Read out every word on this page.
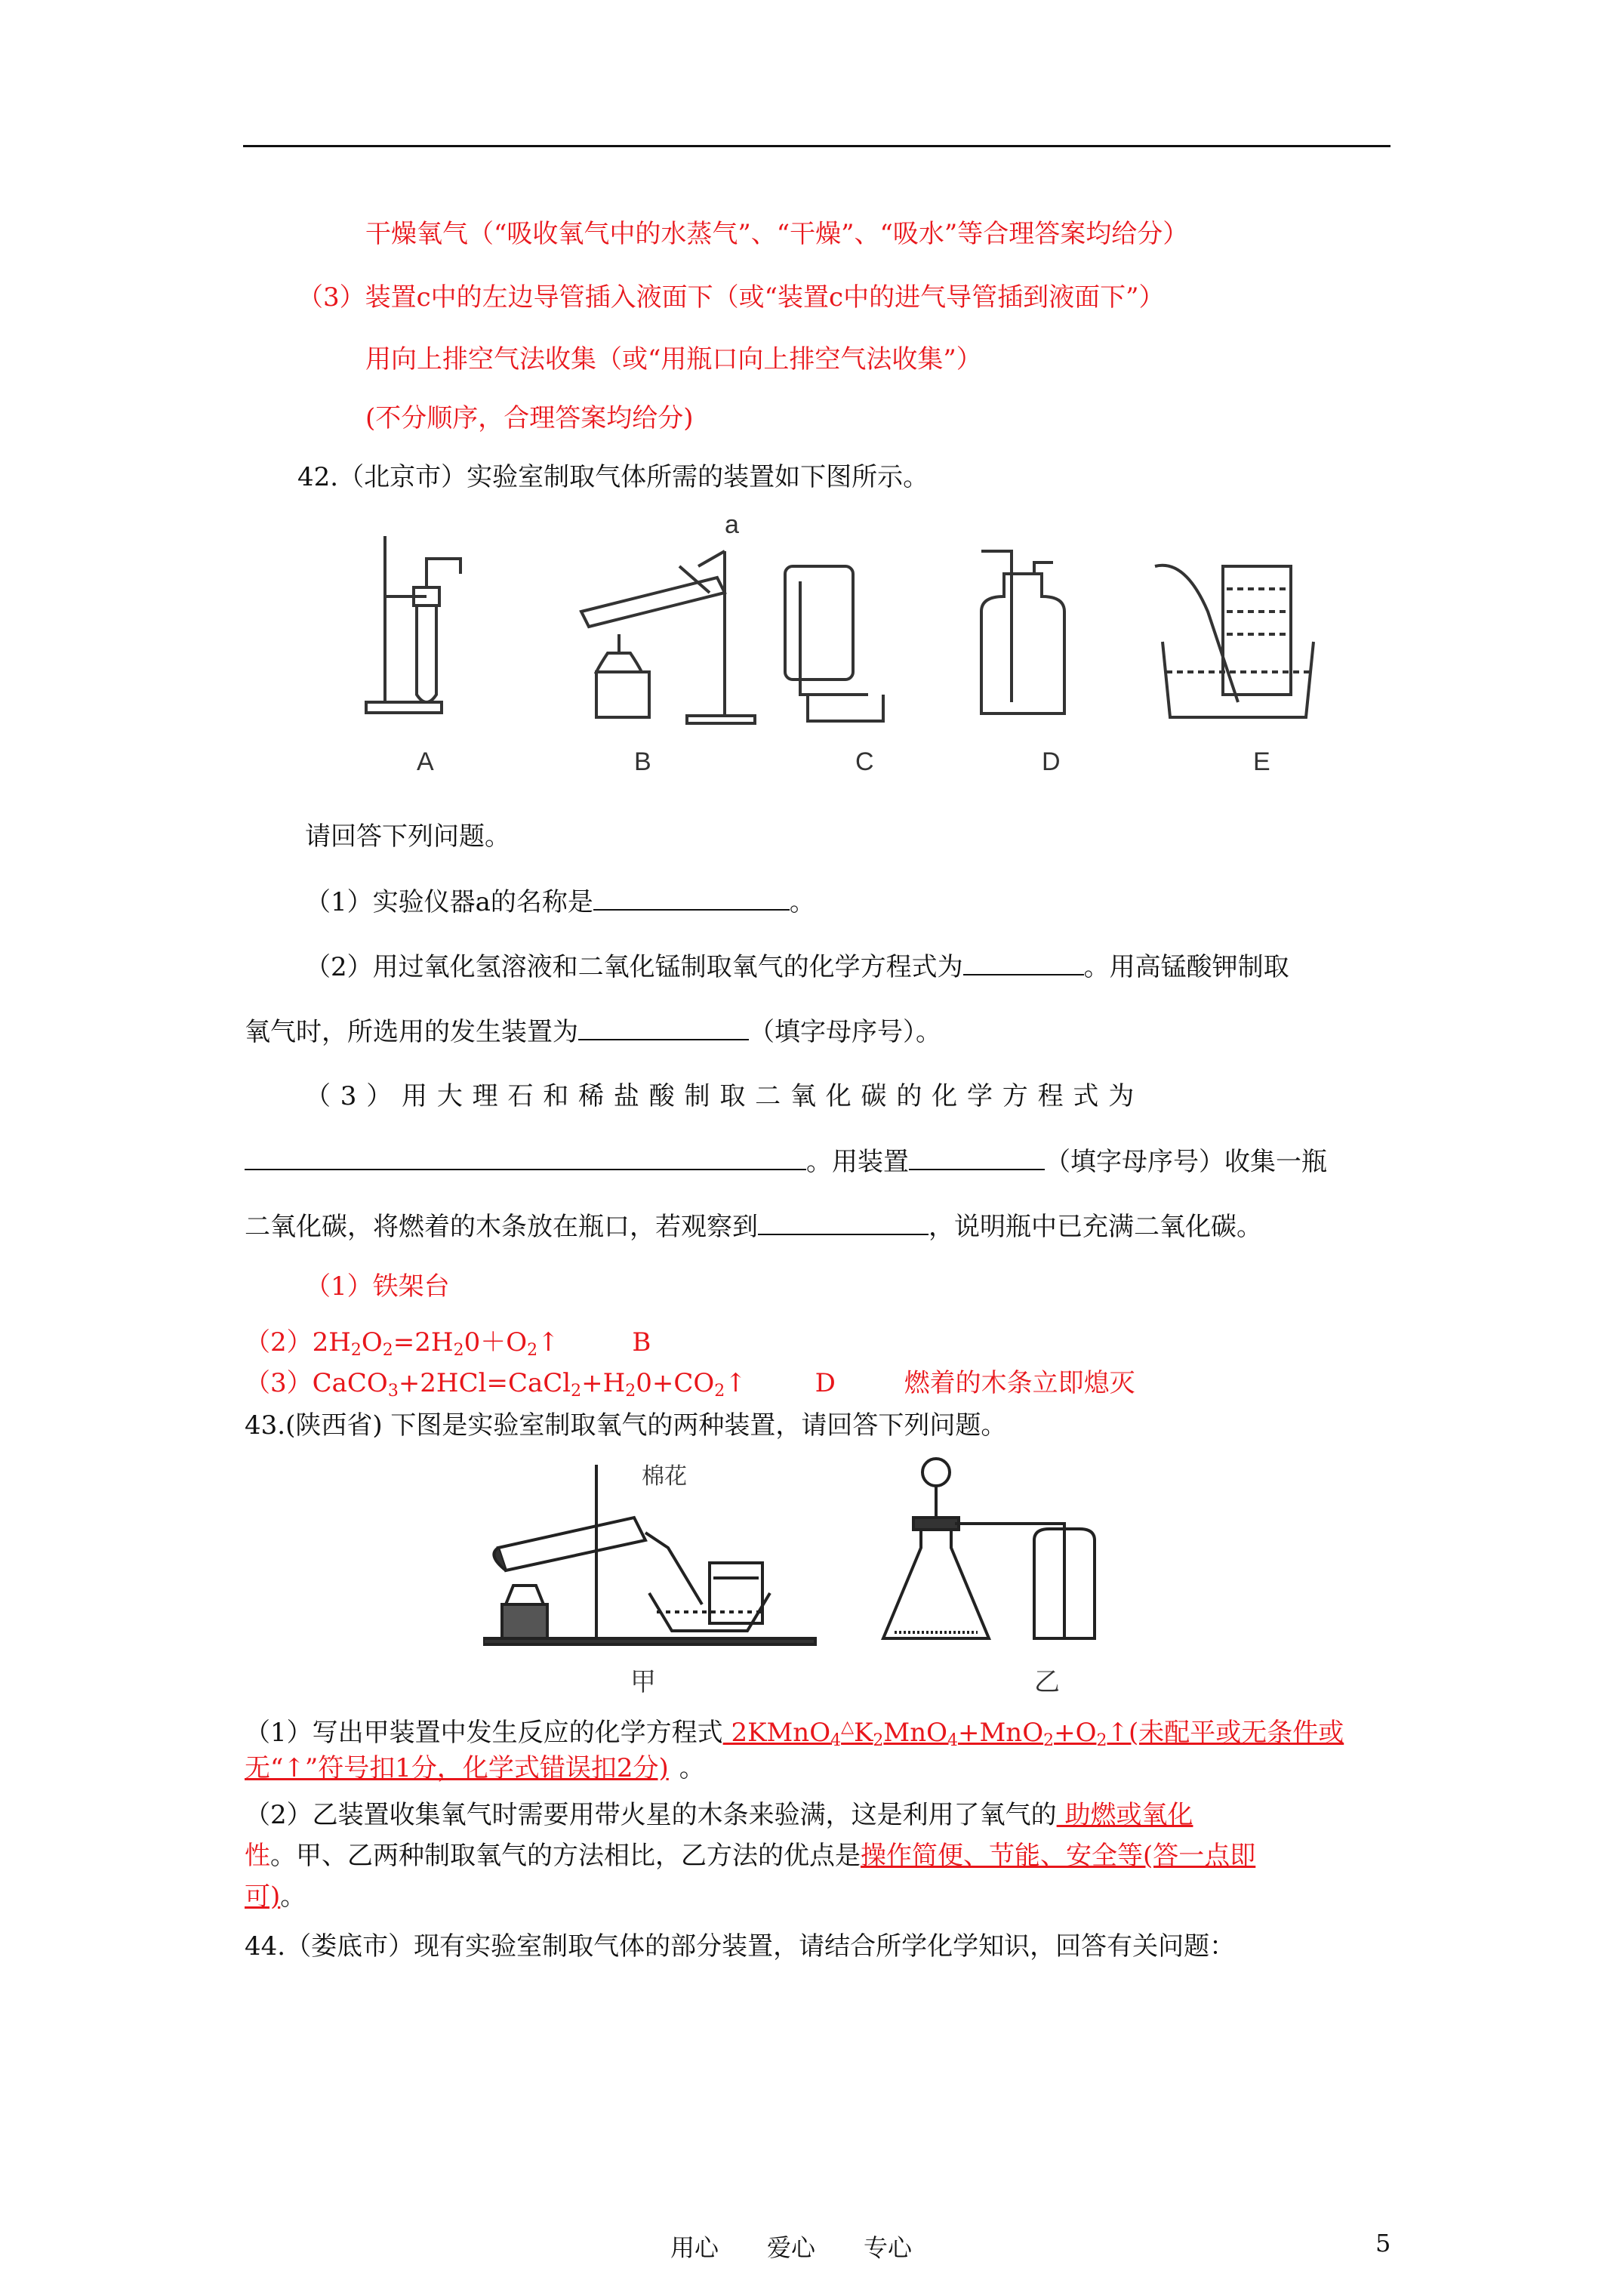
干燥氧气（“吸收氧气中的水蒸气”、“干燥”、“吸水”等合理答案均给分）
（3）装置c中的左边导管插入液面下（或“装置c中的进气导管插到液面下”）
用向上排空气法收集（或“用瓶口向上排空气法收集”）
(不分顺序，合理答案均给分)
42.（北京市）实验室制取气体所需的装置如下图所示。
a
A	B	C	D	E
请回答下列问题。
（1）实验仪器a的名称是	。
（2）用过氧化氢溶液和二氧化锰制取氧气的化学方程式为	。用高锰酸钾制取
氧气时，所选用的发生装置为	（填字母序号）。
（ 3 ） 用 大 理 石 和 稀 盐 酸 制 取 二 氧 化 碳 的 化 学 方 程 式 为
。用装置	（填字母序号）收集一瓶
二氧化碳，将燃着的木条放在瓶口，若观察到	，说明瓶中已充满二氧化碳。
（1）铁架台
$(2)2H_2O_2=2H_20+O_2↑$	B
$(3)CaCO_3+2HCl=CaCl_2+H_20+CO_2↑$	D	燃着的木条立即熄灭
43.(陕西省) 下图是实验室制取氧气的两种装置，请回答下列问题。
棉花
甲	乙
（1）写出甲装置中发生反应的化学方程式 $2KMnO_4^\triangle K_2MnO_4+MnO_2+O_2↑$(未配平或无条件或
无“↑”符号扣1分，化学式错误扣2分) 。
（2）乙装置收集氧气时需要用带火星的木条来验满，这是利用了氧气的 助燃或氧化
性。甲、乙两种制取氧气的方法相比，乙方法的优点是操作简便、节能、安全等(答一点即
可)。
44.（娄底市）现有实验室制取气体的部分装置，请结合所学化学知识，回答有关问题：
用心　　爱心　　专心	5
